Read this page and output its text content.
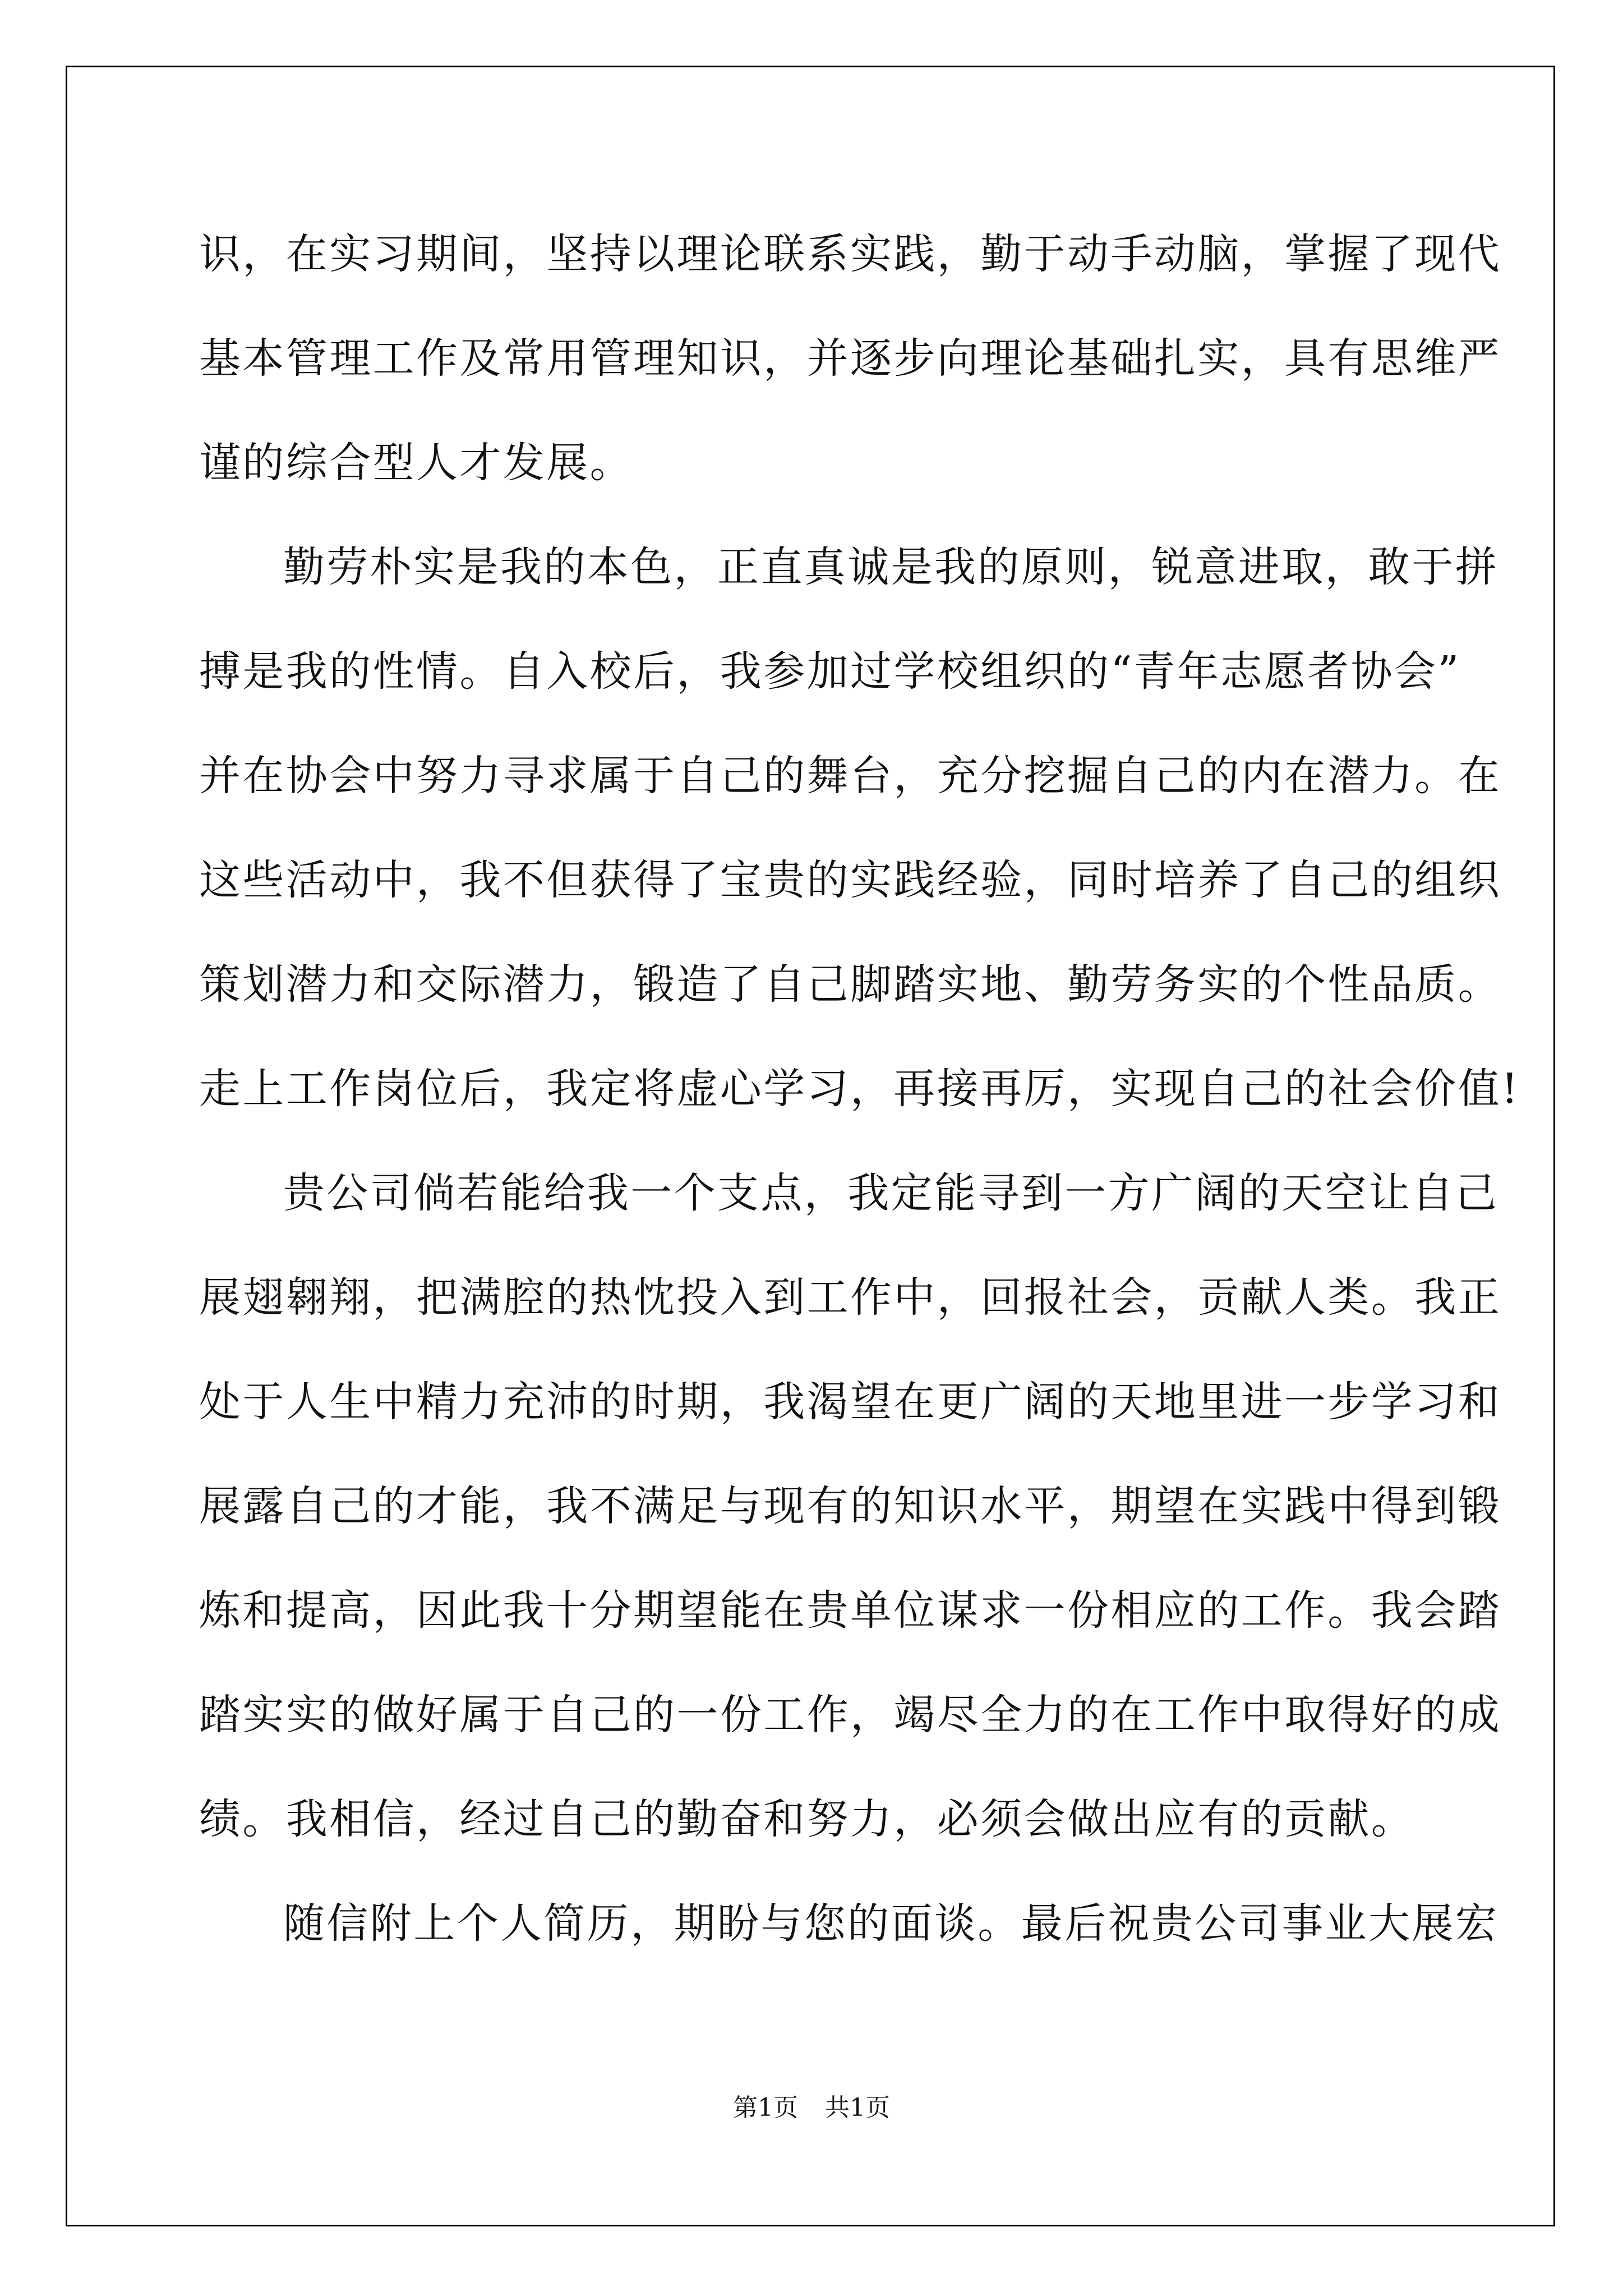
识，在实习期间，坚持以理论联系实践，勤于动手动脑，掌握了现代
基本管理工作及常用管理知识，并逐步向理论基础扎实，具有思维严
谨的综合型人才发展。
勤劳朴实是我的本色，正直真诚是我的原则，锐意进取，敢于拼
搏是我的性情。自入校后，我参加过学校组织的“青年志愿者协会”
并在协会中努力寻求属于自己的舞台，充分挖掘自己的内在潜力。在
这些活动中，我不但获得了宝贵的实践经验，同时培养了自己的组织
策划潜力和交际潜力，锻造了自己脚踏实地、勤劳务实的个性品质。
走上工作岗位后，我定将虚心学习，再接再厉，实现自己的社会价值!
贵公司倘若能给我一个支点，我定能寻到一方广阔的天空让自己
展翅翱翔，把满腔的热忱投入到工作中，回报社会，贡献人类。我正
处于人生中精力充沛的时期，我渴望在更广阔的天地里进一步学习和
展露自己的才能，我不满足与现有的知识水平，期望在实践中得到锻
炼和提高，因此我十分期望能在贵单位谋求一份相应的工作。我会踏
踏实实的做好属于自己的一份工作，竭尽全力的在工作中取得好的成
绩。我相信，经过自己的勤奋和努力，必须会做出应有的贡献。
随信附上个人简历，期盼与您的面谈。最后祝贵公司事业大展宏
第1页 共1页
